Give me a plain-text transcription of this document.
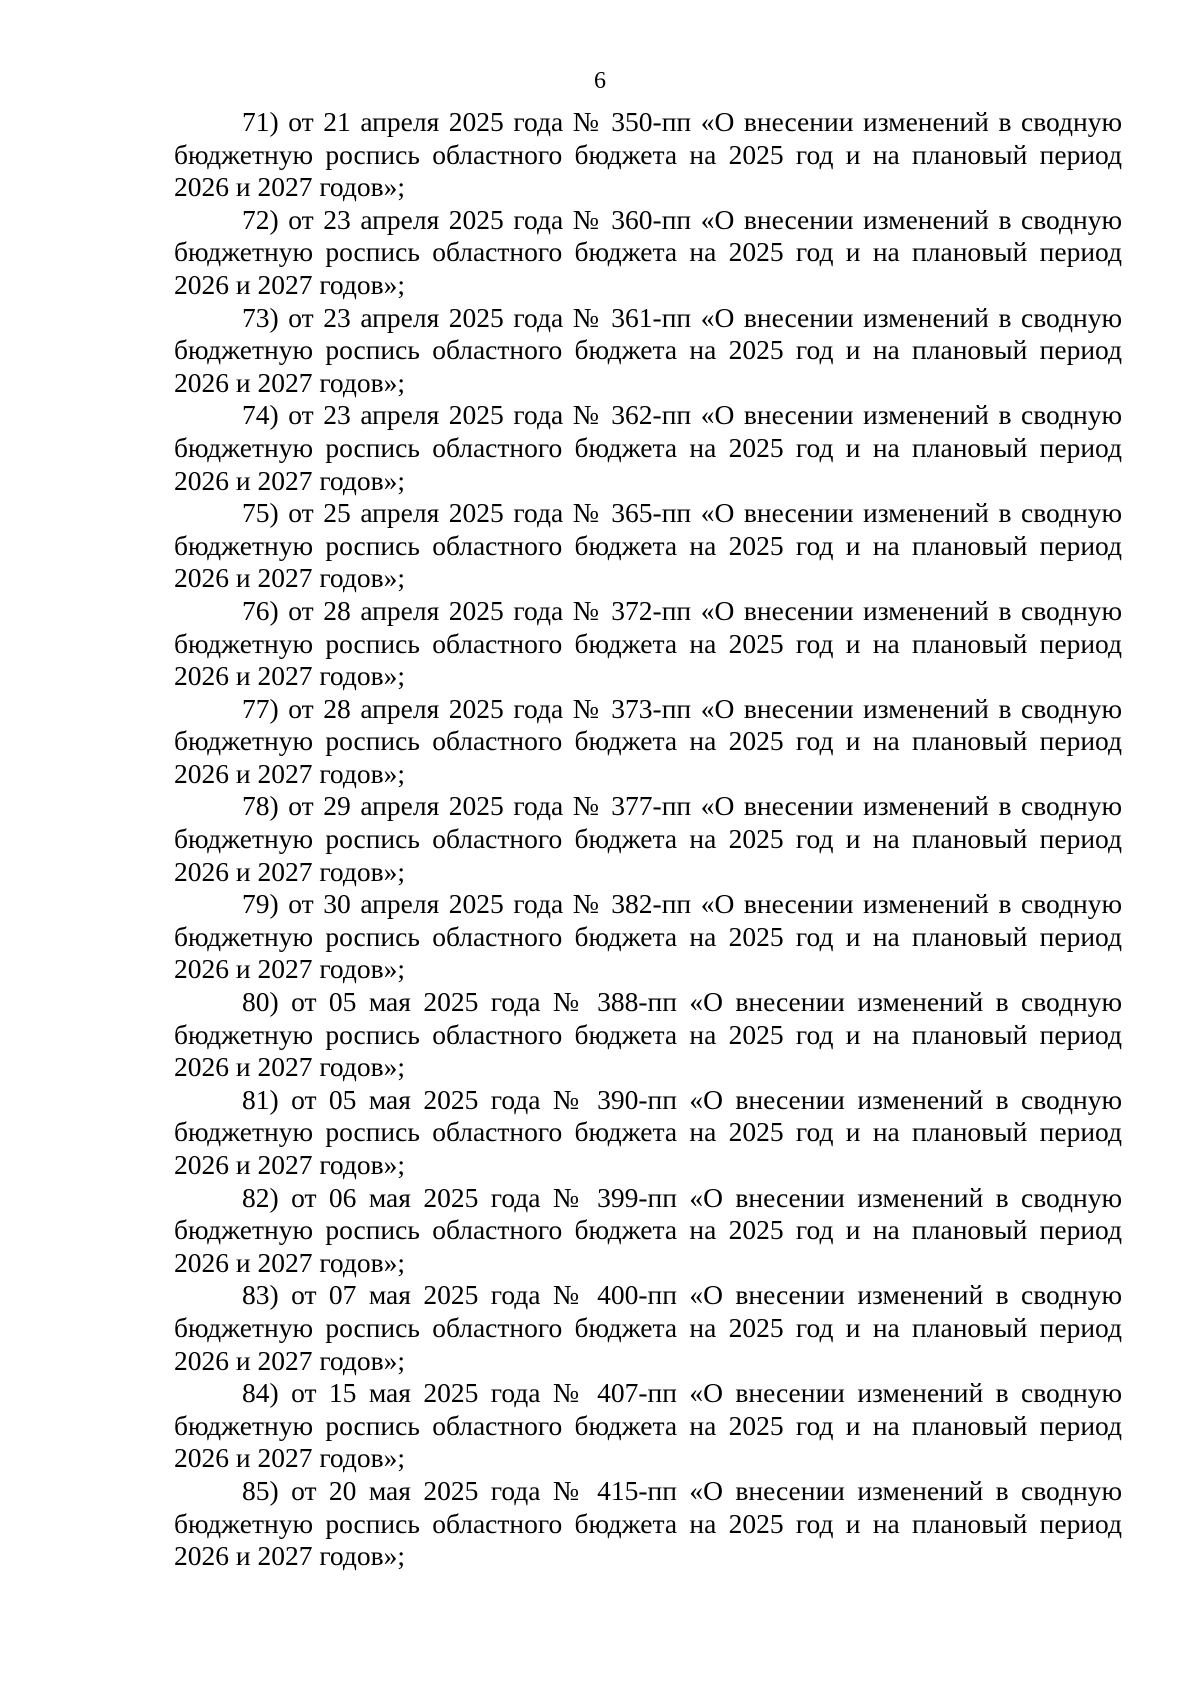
6

71) от 21 апреля 2025 года № 350-пп «О внесении изменений в сводную бюджетную роспись областного бюджета на 2025 год и на плановый период 2026 и 2027 годов»;

72) от 23 апреля 2025 года № 360-пп «О внесении изменений в сводную бюджетную роспись областного бюджета на 2025 год и на плановый период 2026 и 2027 годов»;

73) от 23 апреля 2025 года № 361-пп «О внесении изменений в сводную бюджетную роспись областного бюджета на 2025 год и на плановый период 2026 и 2027 годов»;

74) от 23 апреля 2025 года № 362-пп «О внесении изменений в сводную бюджетную роспись областного бюджета на 2025 год и на плановый период 2026 и 2027 годов»;

75) от 25 апреля 2025 года № 365-пп «О внесении изменений в сводную бюджетную роспись областного бюджета на 2025 год и на плановый период 2026 и 2027 годов»;

76) от 28 апреля 2025 года № 372-пп «О внесении изменений в сводную бюджетную роспись областного бюджета на 2025 год и на плановый период 2026 и 2027 годов»;

77) от 28 апреля 2025 года № 373-пп «О внесении изменений в сводную бюджетную роспись областного бюджета на 2025 год и на плановый период 2026 и 2027 годов»;

78) от 29 апреля 2025 года № 377-пп «О внесении изменений в сводную бюджетную роспись областного бюджета на 2025 год и на плановый период 2026 и 2027 годов»;

79) от 30 апреля 2025 года № 382-пп «О внесении изменений в сводную бюджетную роспись областного бюджета на 2025 год и на плановый период 2026 и 2027 годов»;

80) от 05 мая 2025 года № 388-пп «О внесении изменений в сводную бюджетную роспись областного бюджета на 2025 год и на плановый период 2026 и 2027 годов»;

81) от 05 мая 2025 года № 390-пп «О внесении изменений в сводную бюджетную роспись областного бюджета на 2025 год и на плановый период 2026 и 2027 годов»;

82) от 06 мая 2025 года № 399-пп «О внесении изменений в сводную бюджетную роспись областного бюджета на 2025 год и на плановый период 2026 и 2027 годов»;

83) от 07 мая 2025 года № 400-пп «О внесении изменений в сводную бюджетную роспись областного бюджета на 2025 год и на плановый период 2026 и 2027 годов»;

84) от 15 мая 2025 года № 407-пп «О внесении изменений в сводную бюджетную роспись областного бюджета на 2025 год и на плановый период 2026 и 2027 годов»;

85) от 20 мая 2025 года № 415-пп «О внесении изменений в сводную бюджетную роспись областного бюджета на 2025 год и на плановый период 2026 и 2027 годов»;
